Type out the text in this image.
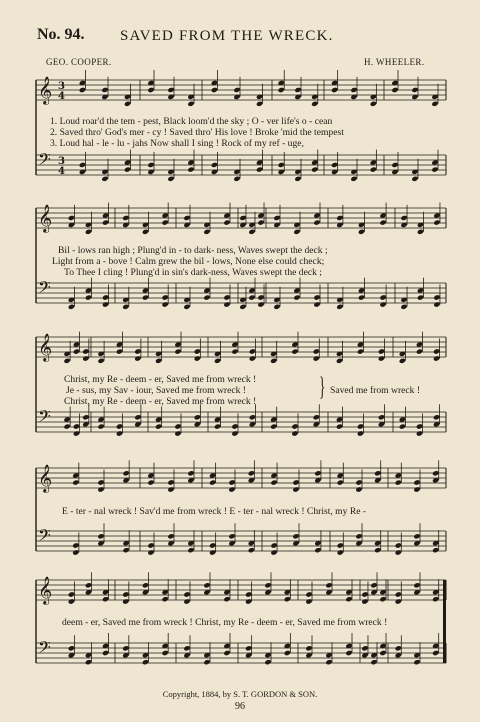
No. 94. SAVED FROM THE WRECK.
GEO. COOPER.	H. WHEELER.
𝄞 3
4
𝄢 3
4
𝄞
𝄢
𝄞
𝄢
𝄞
𝄢
𝄞
𝄢
1. Loud roar'd the tem - pest, Black loom'd the sky ; O - ver life's o - cean
2. Saved thro' God's mer - cy ! Saved thro' His love ! Broke 'mid the tempest
3. Loud hal - le - lu - jahs Now shall I sing ! Rock of my ref - uge,
Bil - lows ran high ; Plung'd in - to dark- ness, Waves swept the deck ;
Light from a - bove ! Calm grew the bil - lows, None else could check;
To Thee I cling ! Plung'd in sin's dark-ness, Waves swept the deck ;
Christ, my Re - deem - er, Saved me from wreck !
Je - sus, my Sav - iour, Saved me from wreck !
Christ, my Re - deem - er, Saved me from wreck !
} Saved me from wreck !
E - ter - nal wreck ! Sav'd me from wreck ! E - ter - nal wreck ! Christ, my Re -
deem - er, Saved me from wreck ! Christ, my Re - deem - er, Saved me from wreck !
Copyright, 1884, by S. T. GORDON & SON.
96
